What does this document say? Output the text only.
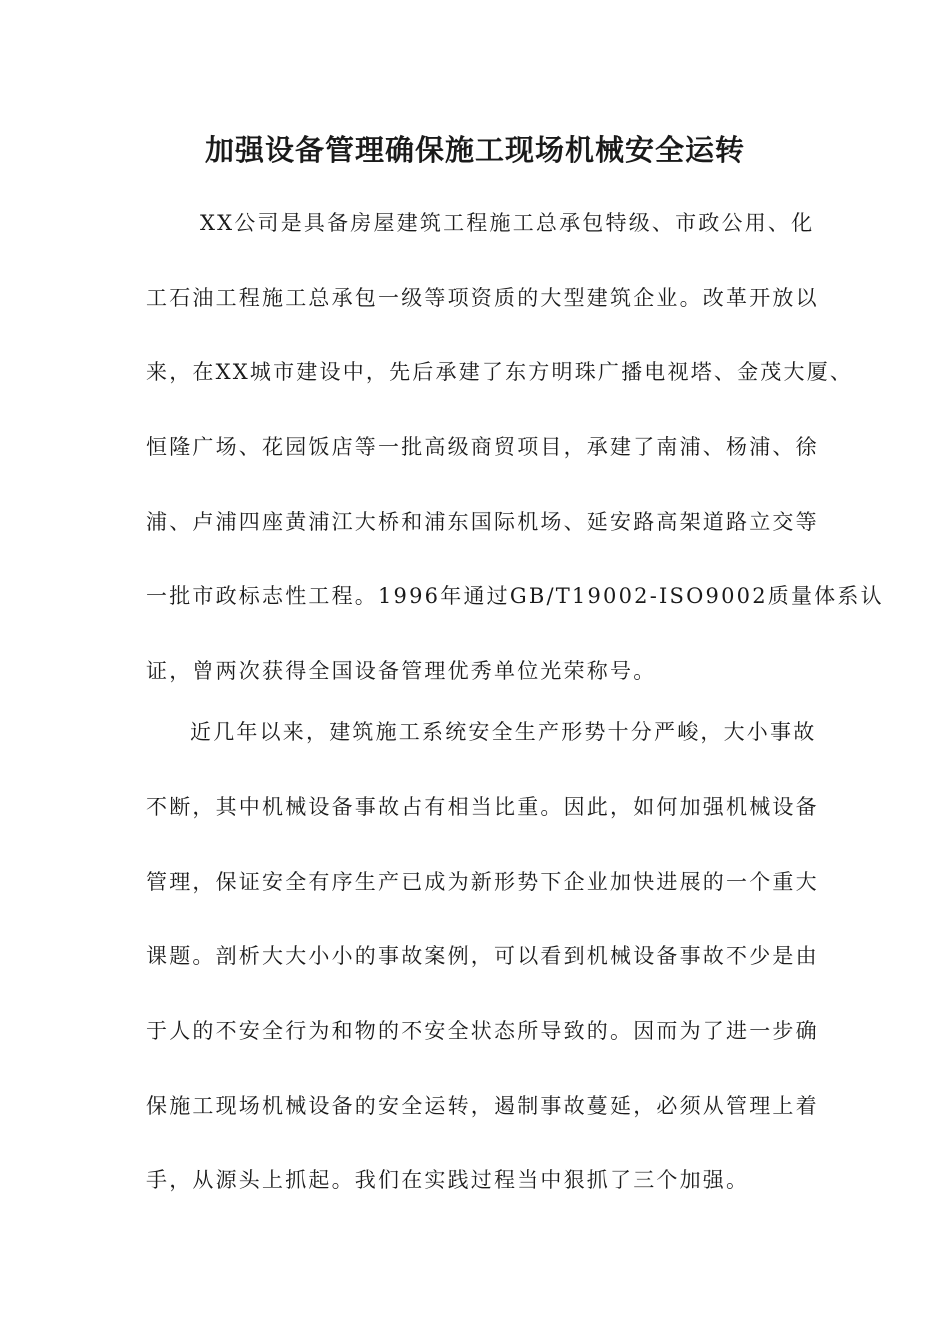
加强设备管理确保施工现场机械安全运转

XX公司是具备房屋建筑工程施工总承包特级、市政公用、化

工石油工程施工总承包一级等项资质的大型建筑企业。改革开放以

来，在XX城市建设中，先后承建了东方明珠广播电视塔、金茂大厦、

恒隆广场、花园饭店等一批高级商贸项目，承建了南浦、杨浦、徐

浦、卢浦四座黄浦江大桥和浦东国际机场、延安路高架道路立交等

一批市政标志性工程。1996年通过GB/T19002-ISO9002质量体系认

证，曾两次获得全国设备管理优秀单位光荣称号。

近几年以来，建筑施工系统安全生产形势十分严峻，大小事故

不断，其中机械设备事故占有相当比重。因此，如何加强机械设备

管理，保证安全有序生产已成为新形势下企业加快进展的一个重大

课题。剖析大大小小的事故案例，可以看到机械设备事故不少是由

于人的不安全行为和物的不安全状态所导致的。因而为了进一步确

保施工现场机械设备的安全运转，遏制事故蔓延，必须从管理上着

手，从源头上抓起。我们在实践过程当中狠抓了三个加强。
